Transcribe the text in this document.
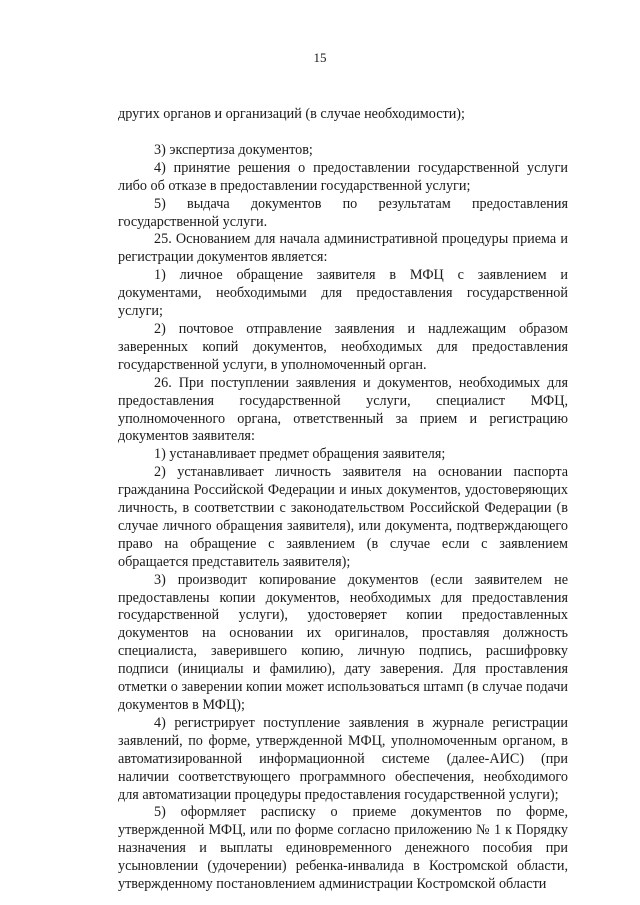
15

других органов и организаций (в случае необходимости);

3) экспертиза документов;

4) принятие решения о предоставлении государственной услуги либо об отказе в предоставлении государственной услуги;

5) выдача документов по результатам предоставления государственной услуги.

25. Основанием для начала административной процедуры приема и регистрации документов является:

1) личное обращение заявителя в МФЦ с заявлением и документами, необходимыми для предоставления государственной услуги;

2) почтовое отправление заявления и надлежащим образом заверенных копий документов, необходимых для предоставления государственной услуги, в уполномоченный орган.

26. При поступлении заявления и документов, необходимых для предоставления государственной услуги, специалист МФЦ, уполномоченного органа, ответственный за прием и регистрацию документов заявителя:

1) устанавливает предмет обращения заявителя;

2) устанавливает личность заявителя на основании паспорта гражданина Российской Федерации и иных документов, удостоверяющих личность, в соответствии с законодательством Российской Федерации (в случае личного обращения заявителя), или документа, подтверждающего право на обращение с заявлением (в случае если с заявлением обращается представитель заявителя);

3) производит копирование документов (если заявителем не предоставлены копии документов, необходимых для предоставления государственной услуги), удостоверяет копии предоставленных документов на основании их оригиналов, проставляя должность специалиста, заверившего копию, личную подпись, расшифровку подписи (инициалы и фамилию), дату заверения. Для проставления отметки о заверении копии может использоваться штамп (в случае подачи документов в МФЦ);

4) регистрирует поступление заявления в журнале регистрации заявлений, по форме, утвержденной МФЦ, уполномоченным органом, в автоматизированной информационной системе (далее-АИС) (при наличии соответствующего программного обеспечения, необходимого для автоматизации процедуры предоставления государственной услуги);

5) оформляет расписку о приеме документов по форме, утвержденной МФЦ, или по форме согласно приложению № 1 к Порядку назначения и выплаты единовременного денежного пособия при усыновлении (удочерении) ребенка-инвалида в Костромской области, утвержденному постановлением администрации Костромской области
